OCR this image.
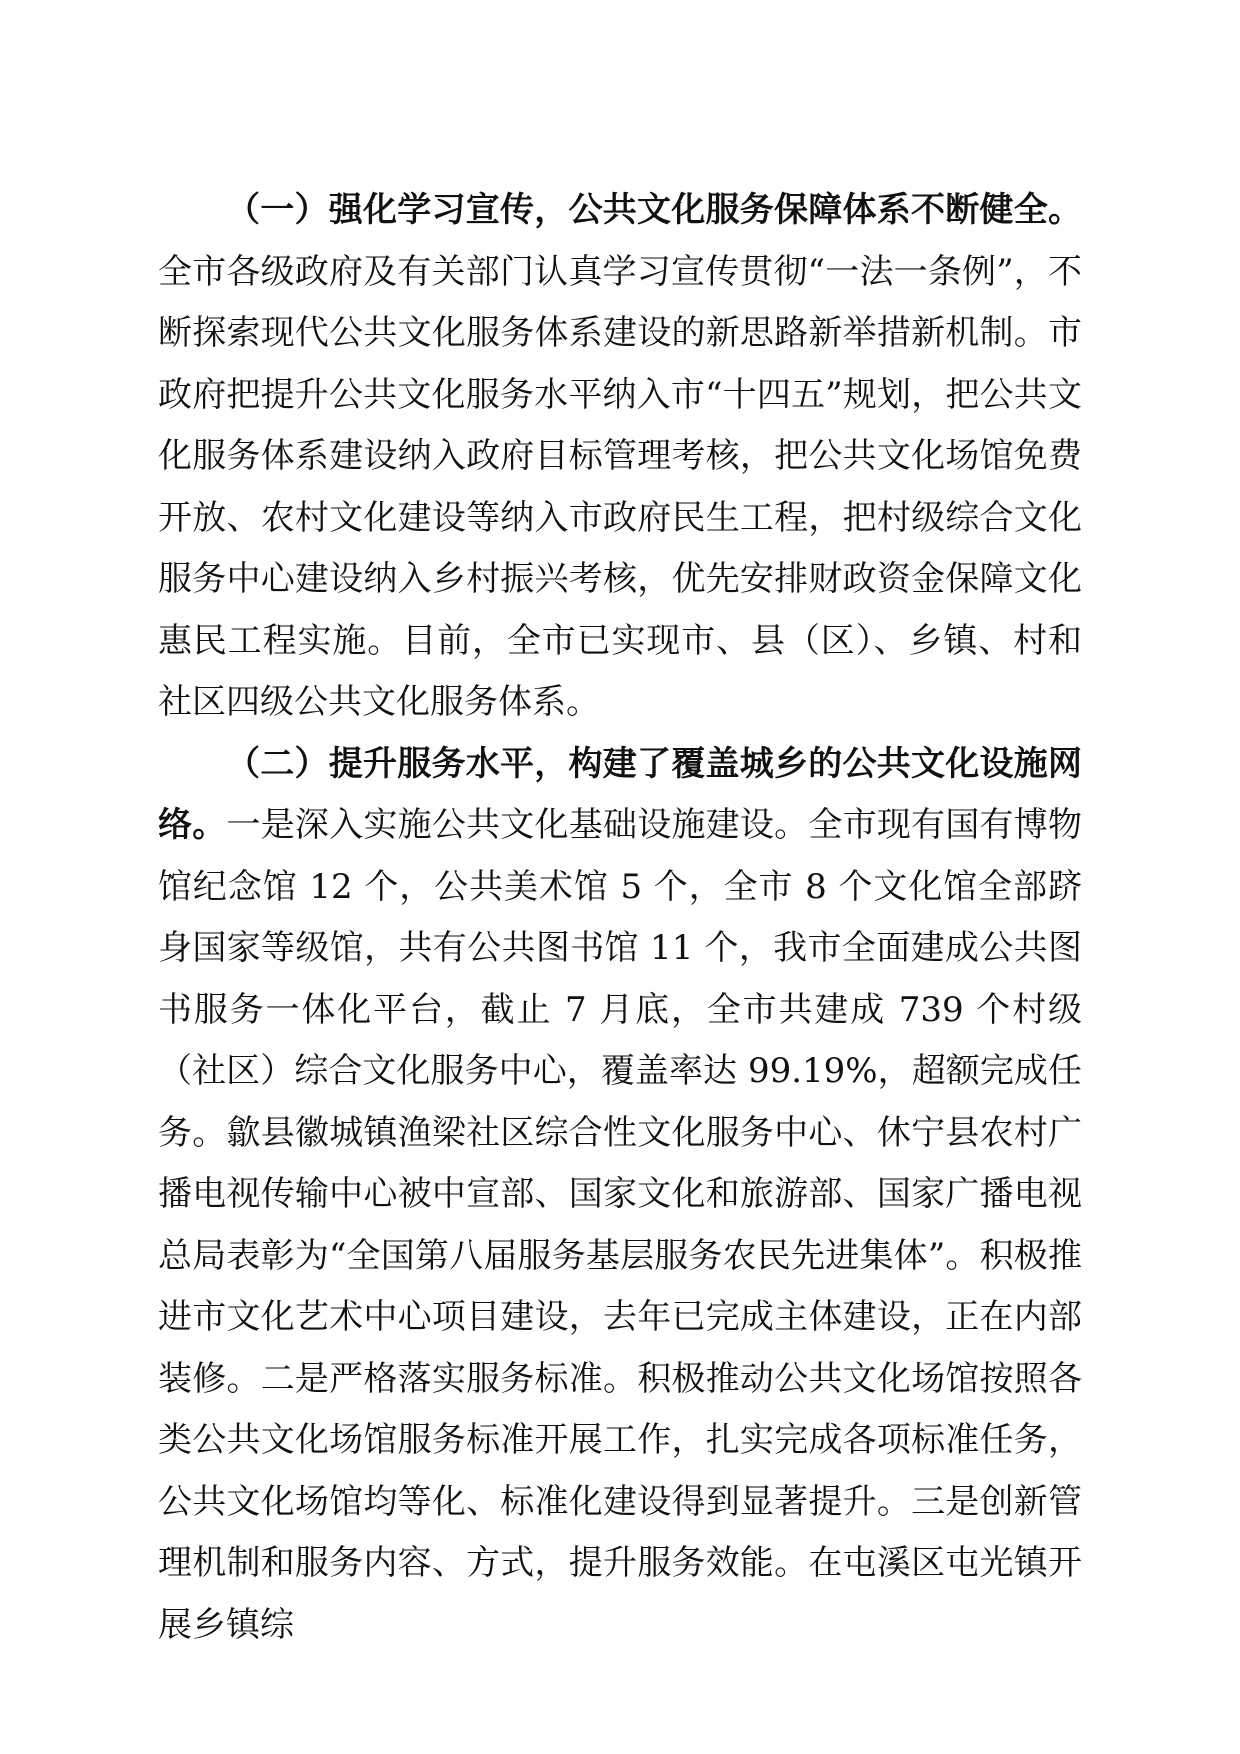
（一）强化学习宣传，公共文化服务保障体系不断健全。全市各级政府及有关部门认真学习宣传贯彻“一法一条例”，不断探索现代公共文化服务体系建设的新思路新举措新机制。市政府把提升公共文化服务水平纳入市“十四五”规划，把公共文化服务体系建设纳入政府目标管理考核，把公共文化场馆免费开放、农村文化建设等纳入市政府民生工程，把村级综合文化服务中心建设纳入乡村振兴考核，优先安排财政资金保障文化惠民工程实施。目前，全市已实现市、县（区）、乡镇、村和社区四级公共文化服务体系。

（二）提升服务水平，构建了覆盖城乡的公共文化设施网络。一是深入实施公共文化基础设施建设。全市现有国有博物馆纪念馆 12 个，公共美术馆 5 个，全市 8 个文化馆全部跻身国家等级馆，共有公共图书馆 11 个，我市全面建成公共图书服务一体化平台，截止 7 月底，全市共建成 739 个村级（社区）综合文化服务中心，覆盖率达 99.19%，超额完成任务。歙县徽城镇渔梁社区综合性文化服务中心、休宁县农村广播电视传输中心被中宣部、国家文化和旅游部、国家广播电视总局表彰为“全国第八届服务基层服务农民先进集体”。积极推进市文化艺术中心项目建设，去年已完成主体建设，正在内部装修。二是严格落实服务标准。积极推动公共文化场馆按照各类公共文化场馆服务标准开展工作，扎实完成各项标准任务，公共文化场馆均等化、标准化建设得到显著提升。三是创新管理机制和服务内容、方式，提升服务效能。在屯溪区屯光镇开展乡镇综
